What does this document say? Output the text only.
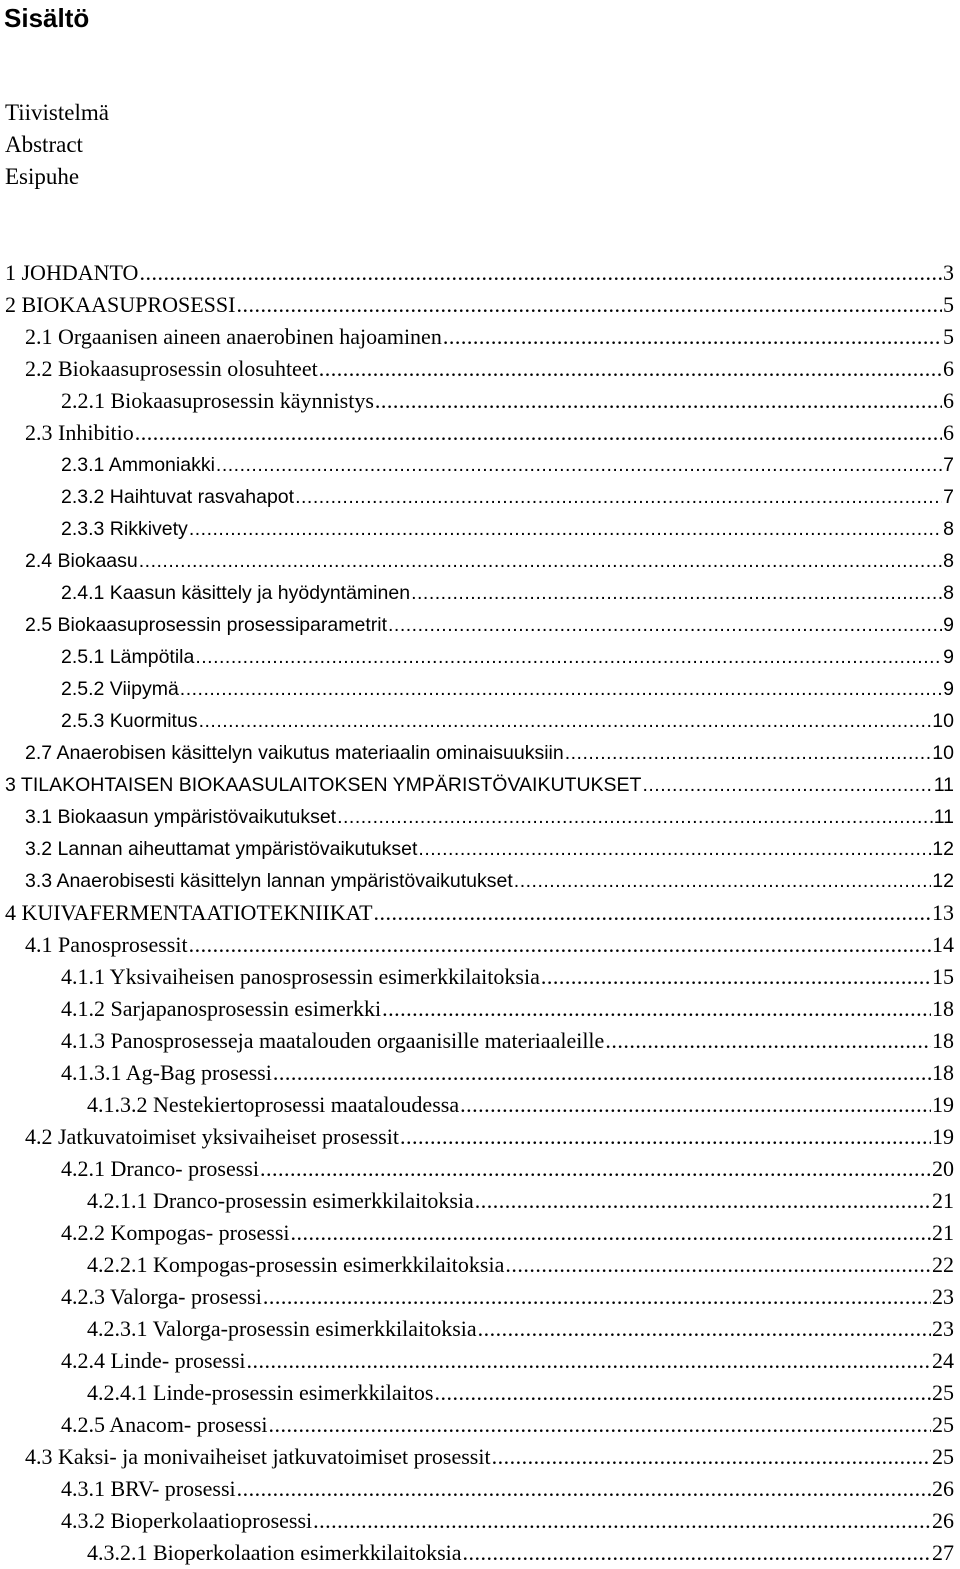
Sisältö
Tiivistelmä
Abstract
Esipuhe
1 JOHDANTO .....	3
2 BIOKAASUPROSESSI .....	5
2.1 Orgaanisen aineen anaerobinen hajoaminen .....	5
2.2 Biokaasuprosessin olosuhteet .....	6
2.2.1 Biokaasuprosessin käynnistys .....	6
2.3 Inhibitio .....	6
2.3.1 Ammoniakki .....	7
2.3.2 Haihtuvat rasvahapot .....	7
2.3.3 Rikkivety .....	8
2.4 Biokaasu .....	8
2.4.1 Kaasun käsittely ja hyödyntäminen .....	8
2.5 Biokaasuprosessin prosessiparametrit .....	9
2.5.1 Lämpötila .....	9
2.5.2 Viipymä .....	9
2.5.3 Kuormitus .....	10
2.7 Anaerobisen käsittelyn vaikutus materiaalin ominaisuuksiin .....	10
3 TILAKOHTAISEN BIOKAASULAITOKSEN YMPÄRISTÖVAIKUTUKSET .....	11
3.1 Biokaasun ympäristövaikutukset .....	11
3.2 Lannan aiheuttamat ympäristövaikutukset .....	12
3.3 Anaerobisesti käsittelyn lannan ympäristövaikutukset .....	12
4 KUIVAFERMENTAATIOTEKNIIKAT .....	13
4.1 Panosprosessit .....	14
4.1.1 Yksivaiheisen panosprosessin esimerkkilaitoksia .....	15
4.1.2 Sarjapanosprosessin esimerkki .....	18
4.1.3 Panosprosesseja maatalouden orgaanisille materiaaleille .....	18
4.1.3.1 Ag-Bag prosessi .....	18
4.1.3.2 Nestekiertoprosessi maataloudessa .....	19
4.2 Jatkuvatoimiset yksivaiheiset prosessit .....	19
4.2.1 Dranco- prosessi .....	20
4.2.1.1 Dranco-prosessin esimerkkilaitoksia .....	21
4.2.2 Kompogas- prosessi .....	21
4.2.2.1 Kompogas-prosessin esimerkkilaitoksia .....	22
4.2.3 Valorga- prosessi .....	23
4.2.3.1 Valorga-prosessin esimerkkilaitoksia .....	23
4.2.4 Linde- prosessi .....	24
4.2.4.1 Linde-prosessin esimerkkilaitos .....	25
4.2.5 Anacom- prosessi .....	25
4.3 Kaksi- ja monivaiheiset jatkuvatoimiset prosessit .....	25
4.3.1 BRV- prosessi .....	26
4.3.2 Bioperkolaatioprosessi .....	26
4.3.2.1 Bioperkolaation esimerkkilaitoksia .....	27
